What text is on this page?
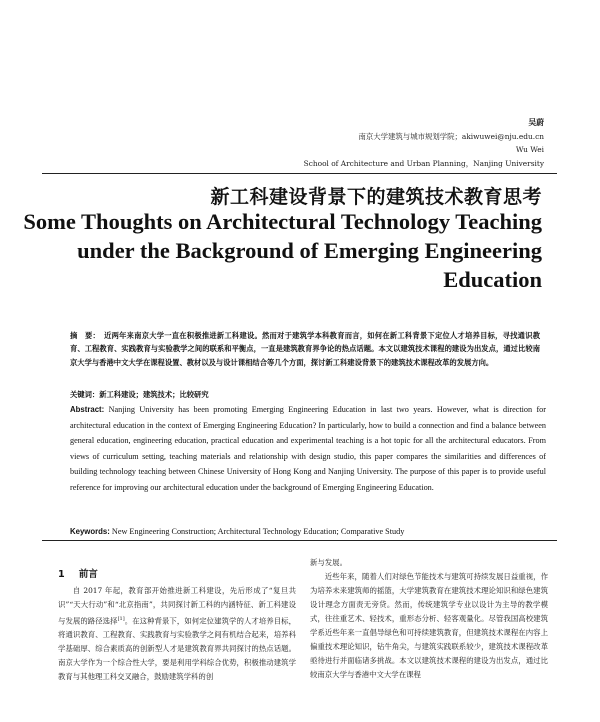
吴蔚
南京大学建筑与城市规划学院；akiwuwei@nju.edu.cn
Wu Wei
School of Architecture and Urban Planning，Nanjing University
新工科建设背景下的建筑技术教育思考
Some Thoughts on Architectural Technology Teaching under the Background of Emerging Engineering Education
摘　要： 近两年来南京大学一直在积极推进新工科建设。然而对于建筑学本科教育而言，如何在新工科背景下定位人才培养目标，寻找通识教育、工程教育、实践教育与实验教学之间的联系和平衡点，一直是建筑教育界争论的热点话题。本文以建筑技术课程的建设为出发点，通过比较南京大学与香港中文大学在课程设置、教材以及与设计课相结合等几个方面，探讨新工科建设背景下的建筑技术课程改革的发展方向。
关键词：新工科建设；建筑技术；比较研究
Abstract: Nanjing University has been promoting Emerging Engineering Education in last two years. However, what is direction for architectural education in the context of Emerging Engineering Education? In particularly, how to build a connection and find a balance between general education, engineering education, practical education and experimental teaching is a hot topic for all the architectural educators. From views of curriculum setting, teaching materials and relationship with design studio, this paper compares the similarities and differences of building technology teaching between Chinese University of Hong Kong and Nanjing University. The purpose of this paper is to provide useful reference for improving our architectural education under the background of Emerging Engineering Education.
Keywords: New Engineering Construction; Architectural Technology Education; Comparative Study
1 前言

自 2017 年起，教育部开始推进新工科建设，先后形成了“复旦共识”“天大行动”和“北京指南”，共同探讨新工科的内涵特征、新工科建设与发展的路径选择[1]。在这种背景下，如何定位建筑学的人才培养目标，将通识教育、工程教育、实践教育与实验教学之间有机结合起来，培养科学基础厚、综合素质高的创新型人才是建筑教育界共同探讨的热点话题。南京大学作为一个综合性大学，要是利用学科综合优势，积极推动建筑学教育与其他理工科交叉融合，鼓励建筑学科的创

新与发展。

近些年来，随着人们对绿色节能技术与建筑可持续发展日益重视，作为培养未来建筑师的摇篮，大学建筑教育在建筑技术理论知识和绿色建筑设计理念方面责无旁贷。然而，传统建筑学专业以设计为主导的教学模式，往往重艺术、轻技术，重形态分析、轻客观量化。尽管我国高校建筑学系近些年来一直倡导绿色和可持续建筑教育，但建筑技术课程在内容上偏重技术理论知识，钻牛角尖，与建筑实践联系较少，建筑技术课程改革亟待进行并面临诸多挑战。本文以建筑技术课程的建设为出发点，通过比较南京大学与香港中文大学在课程
